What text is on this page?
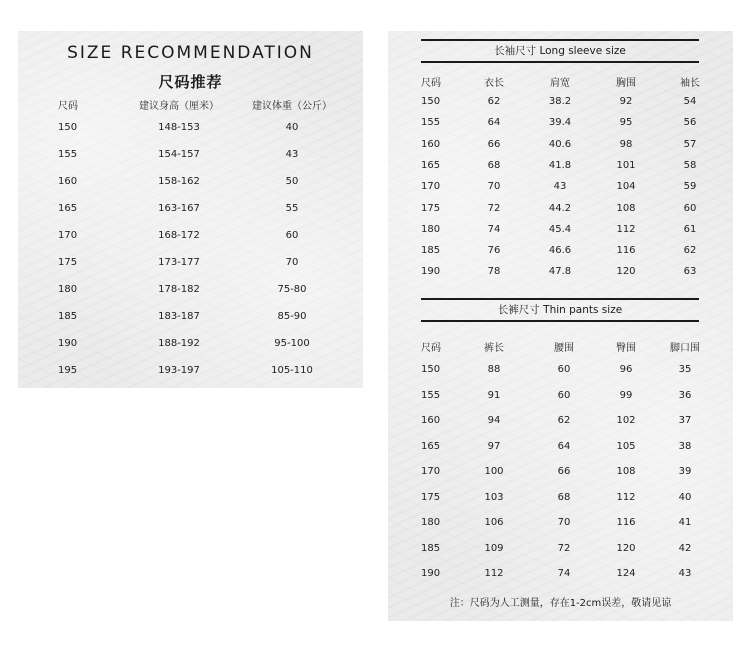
SIZE RECOMMENDATION
尺码推荐
尺码	建议身高（厘米）	建议体重（公斤）
150	148-153	40
155	154-157	43
160	158-162	50
165	163-167	55
170	168-172	60
175	173-177	70
180	178-182	75-80
185	183-187	85-90
190	188-192	95-100
195	193-197	105-110
长袖尺寸 Long sleeve size
尺码	衣长	肩宽	胸围	袖长
150	62	38.2	92	54
155	64	39.4	95	56
160	66	40.6	98	57
165	68	41.8	101	58
170	70	43	104	59
175	72	44.2	108	60
180	74	45.4	112	61
185	76	46.6	116	62
190	78	47.8	120	63
长裤尺寸 Thin pants size
尺码	裤长	腰围	臀围	脚口围
150	88	60	96	35
155	91	60	99	36
160	94	62	102	37
165	97	64	105	38
170	100	66	108	39
175	103	68	112	40
180	106	70	116	41
185	109	72	120	42
190	112	74	124	43
注：尺码为人工测量，存在1-2cm误差，敬请见谅
